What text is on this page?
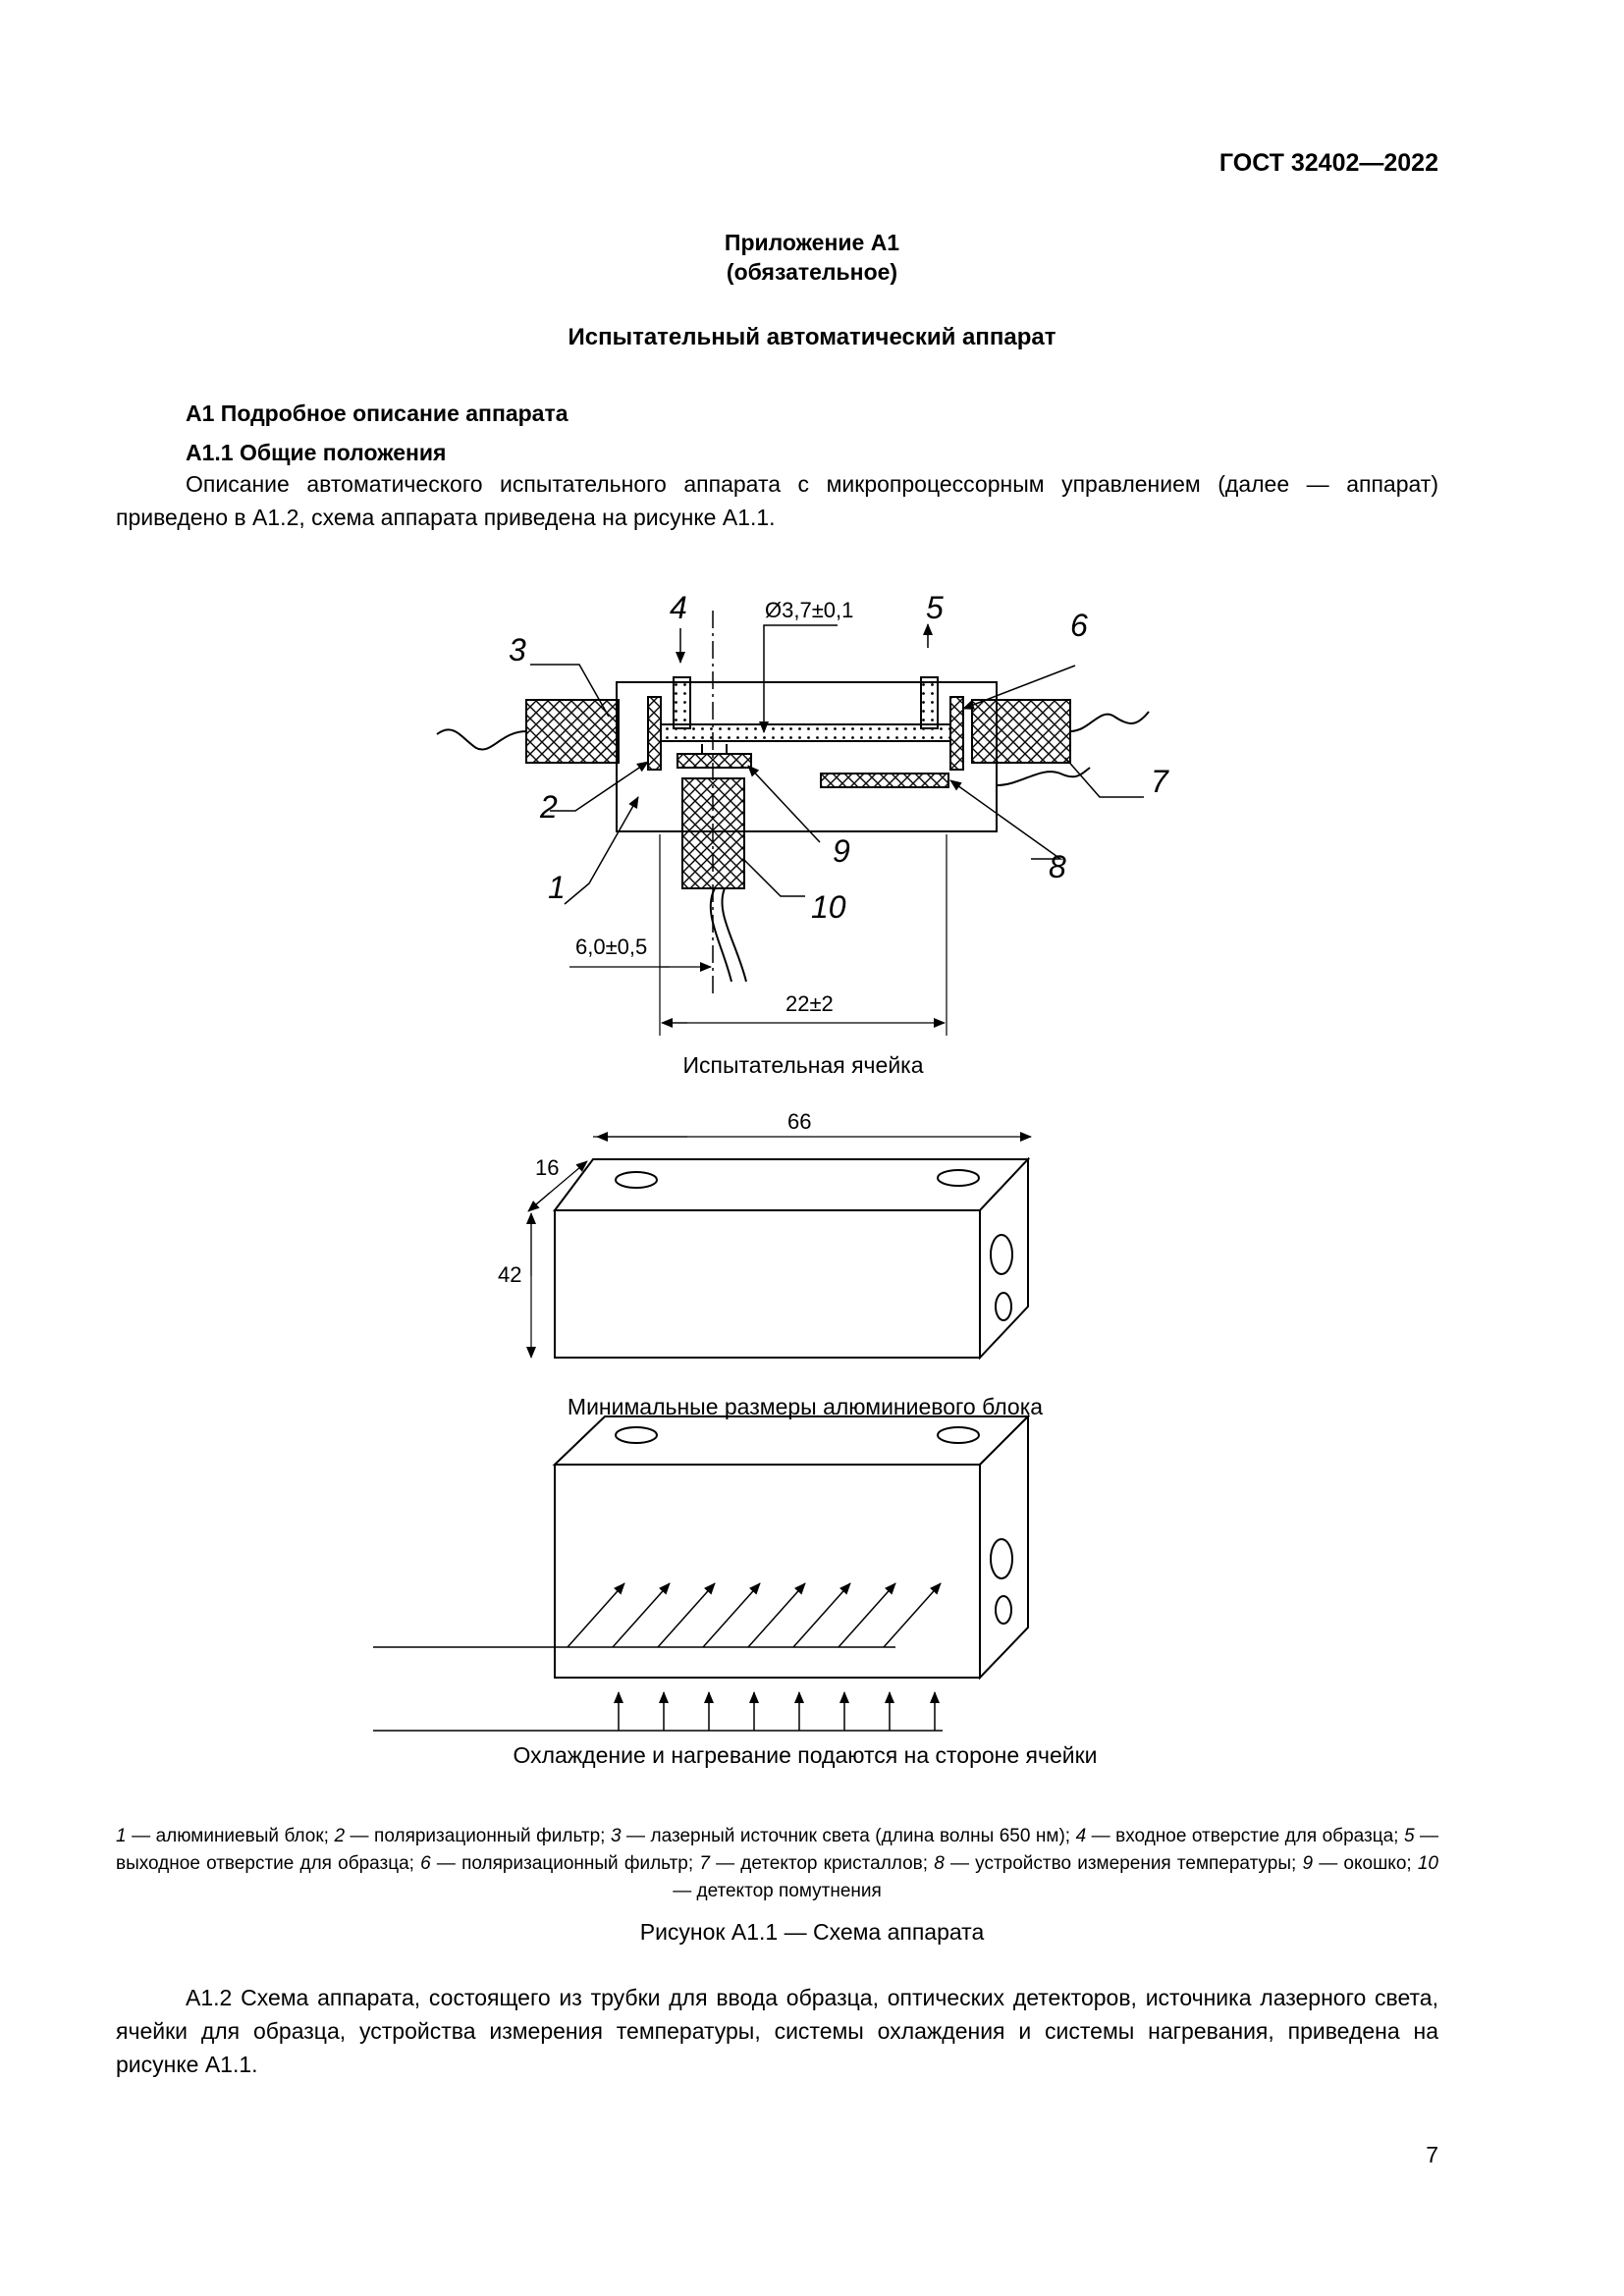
ГОСТ 32402—2022
Приложение А1
(обязательное)
Испытательный автоматический аппарат
А1 Подробное описание аппарата
А1.1 Общие положения
Описание автоматического испытательного аппарата с микропроцессорным управлением (далее — аппарат) приведено в А1.2, схема аппарата приведена на рисунке А1.1.
4	5
3
6
7
2
9	8
1
10
Ø3,7±0,1
6,0±0,5
22±2
66
16
42
Испытательная ячейка
Минимальные размеры алюминиевого блока
Охлаждение и нагревание подаются на стороне ячейки
1 — алюминиевый блок; 2 — поляризационный фильтр; 3 — лазерный источник света (длина волны 650 нм); 4 — входное отверстие для образца; 5 — выходное отверстие для образца; 6 — поляризационный фильтр; 7 — детектор кристаллов; 8 — устройство измерения температуры; 9 — окошко; 10 — детектор помутнения
Рисунок А1.1 — Схема аппарата
А1.2 Схема аппарата, состоящего из трубки для ввода образца, оптических детекторов, источника лазерного света, ячейки для образца, устройства измерения температуры, системы охлаждения и системы нагревания, приведена на рисунке А1.1.
7
